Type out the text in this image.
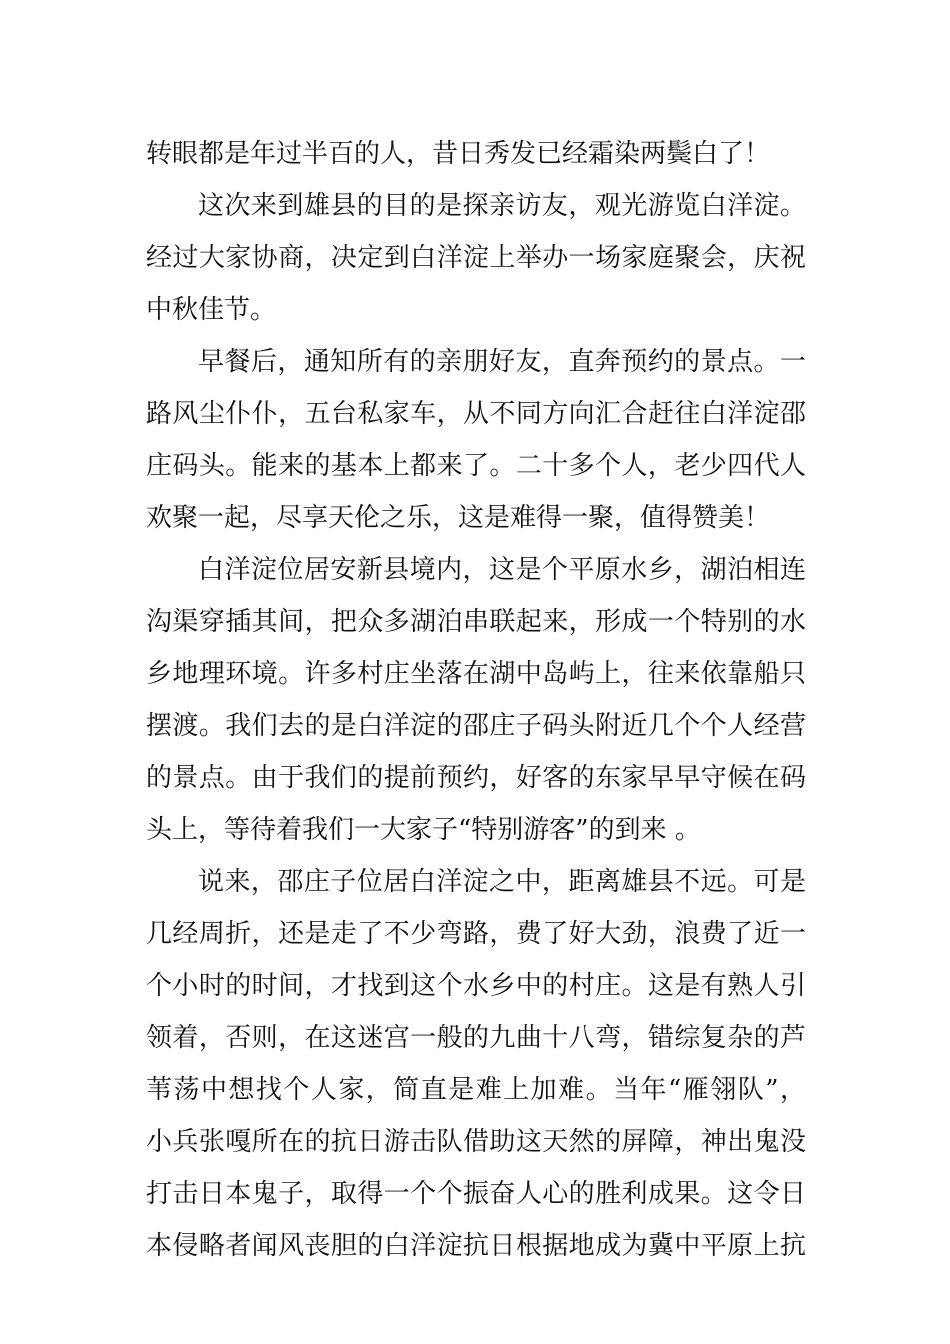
转眼都是年过半百的人，昔日秀发已经霜染两鬓白了！
这次来到雄县的目的是探亲访友，观光游览白洋淀。
经过大家协商，决定到白洋淀上举办一场家庭聚会，庆祝
中秋佳节。
早餐后，通知所有的亲朋好友，直奔预约的景点。一
路风尘仆仆，五台私家车，从不同方向汇合赶往白洋淀邵
庄码头。能来的基本上都来了。二十多个人，老少四代人
欢聚一起，尽享天伦之乐，这是难得一聚，值得赞美！
白洋淀位居安新县境内，这是个平原水乡，湖泊相连
沟渠穿插其间，把众多湖泊串联起来，形成一个特别的水
乡地理环境。许多村庄坐落在湖中岛屿上，往来依靠船只
摆渡。我们去的是白洋淀的邵庄子码头附近几个个人经营
的景点。由于我们的提前预约，好客的东家早早守候在码
头上，等待着我们一大家子“特别游客”的到来 。
说来，邵庄子位居白洋淀之中，距离雄县不远。可是
几经周折，还是走了不少弯路，费了好大劲，浪费了近一
个小时的时间，才找到这个水乡中的村庄。这是有熟人引
领着，否则，在这迷宫一般的九曲十八弯，错综复杂的芦
苇荡中想找个人家，简直是难上加难。当年“雁翎队”，
小兵张嘎所在的抗日游击队借助这天然的屏障，神出鬼没
打击日本鬼子，取得一个个振奋人心的胜利成果。这令日
本侵略者闻风丧胆的白洋淀抗日根据地成为冀中平原上抗
